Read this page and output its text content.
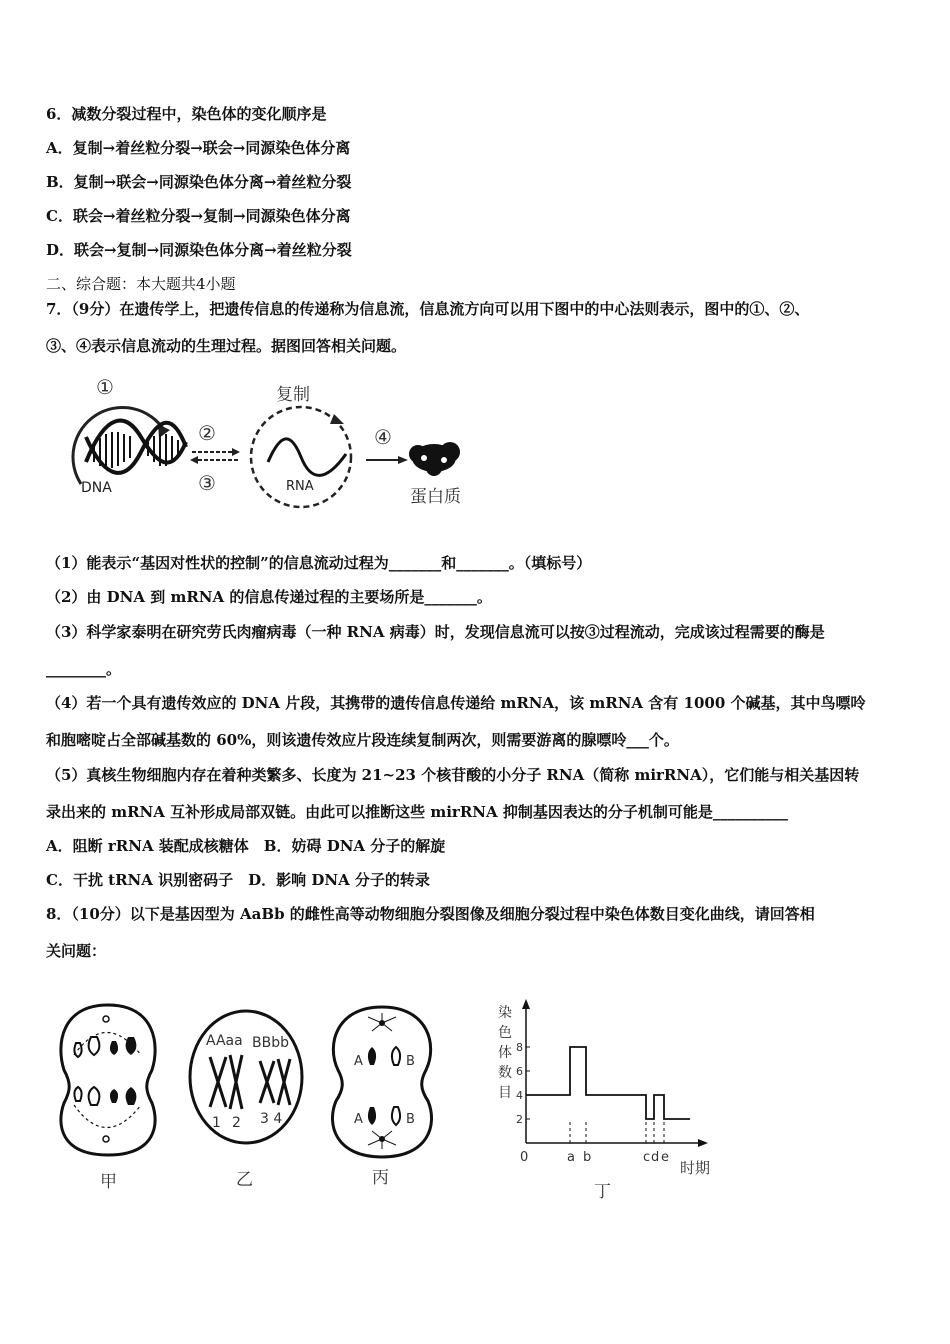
6．减数分裂过程中，染色体的变化顺序是
A．复制→着丝粒分裂→联会→同源染色体分离
B．复制→联会→同源染色体分离→着丝粒分裂
C．联会→着丝粒分裂→复制→同源染色体分离
D．联会→复制→同源染色体分离→着丝粒分裂
二、综合题：本大题共4小题
7．（9分）在遗传学上，把遗传信息的传递称为信息流，信息流方向可以用下图中的中心法则表示，图中的①、②、
③、④表示信息流动的生理过程。据图回答相关问题。
①
DNA
②
③
复制
RNA
④
蛋白质
（1）能表示“基因对性状的控制”的信息流动过程为_______和_______。（填标号）
（2）由 DNA 到 mRNA 的信息传递过程的主要场所是_______。
（3）科学家泰明在研究劳氏肉瘤病毒（一种 RNA 病毒）时，发现信息流可以按③过程流动，完成该过程需要的酶是
________。
（4）若一个具有遗传效应的 DNA 片段，其携带的遗传信息传递给 mRNA，该 mRNA 含有 1000 个碱基，其中鸟嘌呤
和胞嘧啶占全部碱基数的 60%，则该遗传效应片段连续复制两次，则需要游离的腺嘌呤___个。
（5）真核生物细胞内存在着种类繁多、长度为 21~23 个核苷酸的小分子 RNA（简称 mirRNA），它们能与相关基因转
录出来的 mRNA 互补形成局部双链。由此可以推断这些 mirRNA 抑制基因表达的分子机制可能是__________
A．阻断 rRNA 装配成核糖体　B．妨碍 DNA 分子的解旋
C．干扰 tRNA 识别密码子　D．影响 DNA 分子的转录
8．（10分）以下是基因型为 AaBb 的雌性高等动物细胞分裂图像及细胞分裂过程中染色体数目变化曲线，请回答相
关问题：
甲
AAaa BBbb
1 2 3 4
乙
A	B
A	B
丙
染色体数目
0
8
6
4
2
a b	c d e
时期
丁
